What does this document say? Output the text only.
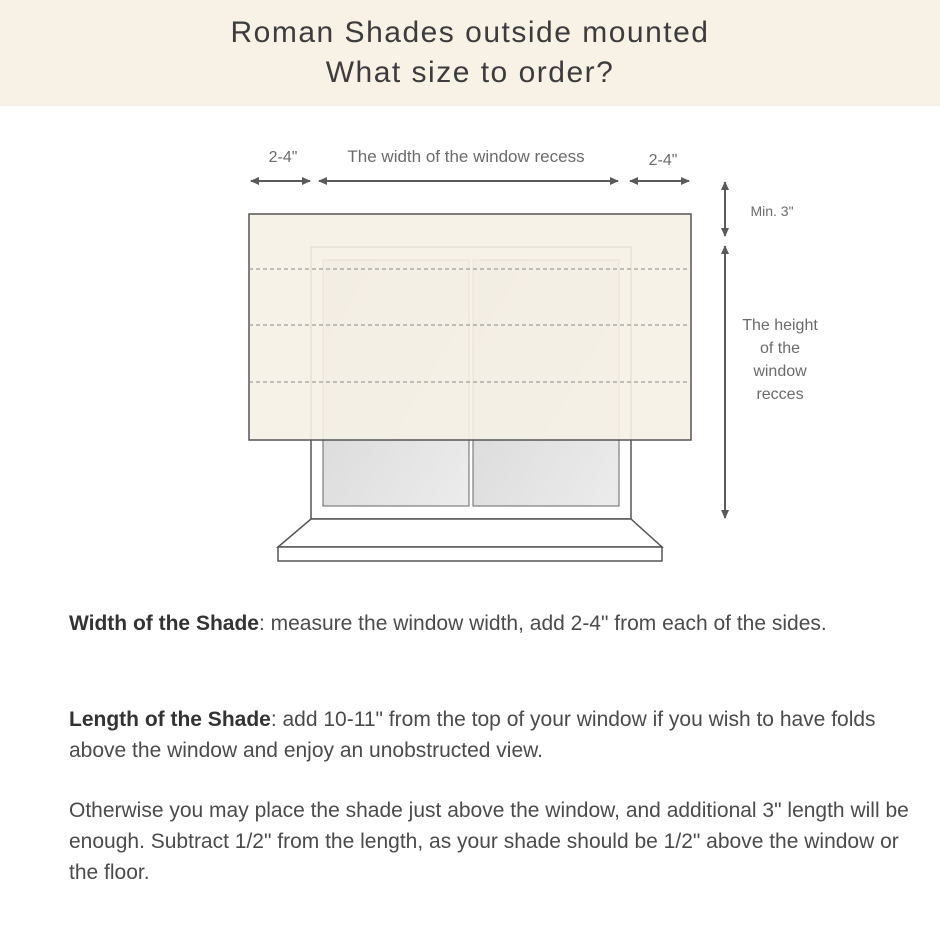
Roman Shades outside mounted
What size to order?
2-4"	The width of the window recess	2-4"
Min. 3"
The height
of the
window
recces
Width of the Shade: measure the window width, add 2-4" from each of the sides.
Length of the Shade: add 10-11" from the top of your window if you wish to have folds above the window and enjoy an unobstructed view.
Otherwise you may place the shade just above the window, and additional 3" length will be enough. Subtract 1/2" from the length, as your shade should be 1/2" above the window or the floor.
